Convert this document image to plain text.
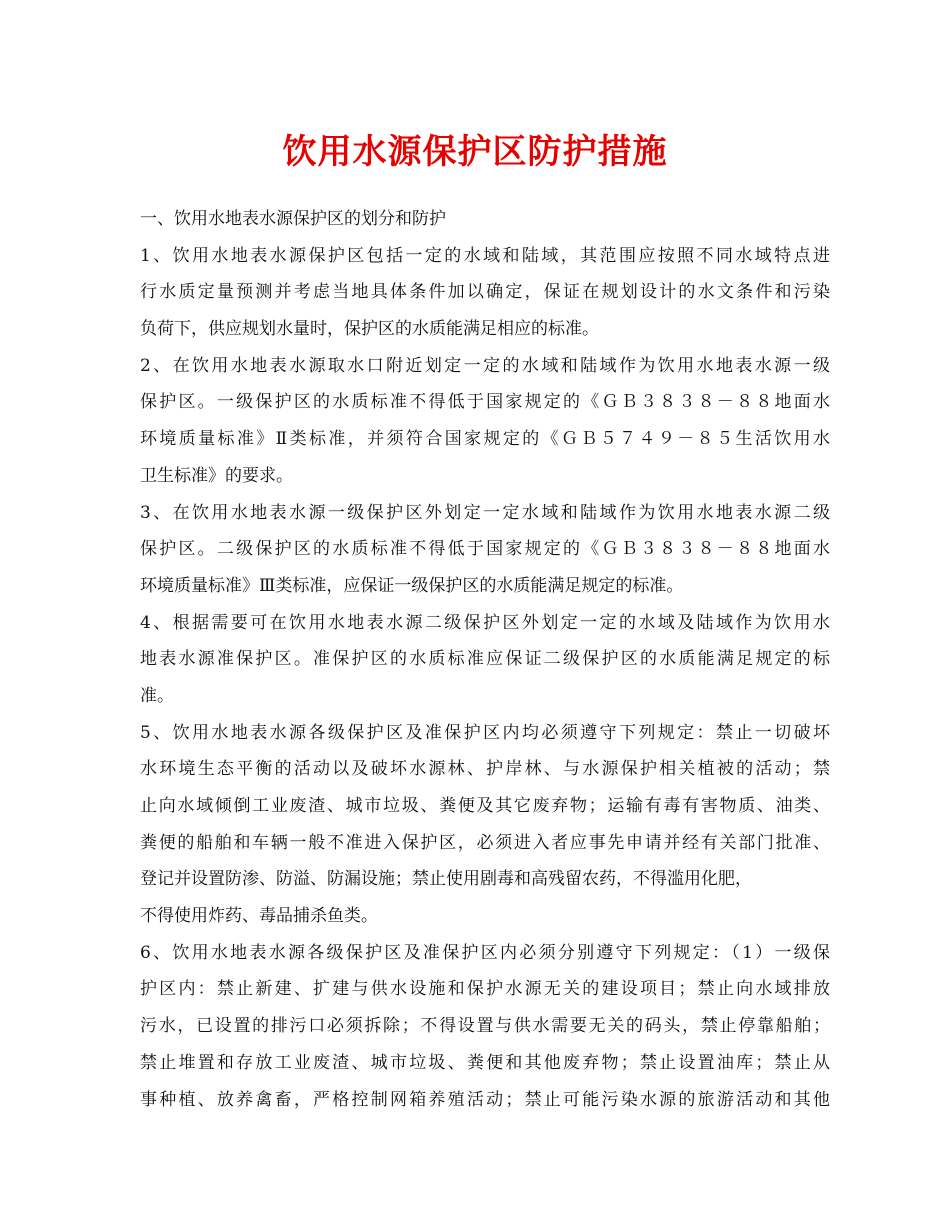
饮用水源保护区防护措施
一、饮用水地表水源保护区的划分和防护
1、饮用水地表水源保护区包括一定的水域和陆域，其范围应按照不同水域特点进
行水质定量预测并考虑当地具体条件加以确定，保证在规划设计的水文条件和污染
负荷下，供应规划水量时，保护区的水质能满足相应的标准。
2、在饮用水地表水源取水口附近划定一定的水域和陆域作为饮用水地表水源一级
保护区。一级保护区的水质标准不得低于国家规定的《ＧＢ３８３８－８８地面水
环境质量标准》Ⅱ类标准，并须符合国家规定的《ＧＢ５７４９－８５生活饮用水
卫生标准》的要求。
3、在饮用水地表水源一级保护区外划定一定水域和陆域作为饮用水地表水源二级
保护区。二级保护区的水质标准不得低于国家规定的《ＧＢ３８３８－８８地面水
环境质量标准》Ⅲ类标准，应保证一级保护区的水质能满足规定的标准。
4、根据需要可在饮用水地表水源二级保护区外划定一定的水域及陆域作为饮用水
地表水源准保护区。准保护区的水质标准应保证二级保护区的水质能满足规定的标
准。
5、饮用水地表水源各级保护区及准保护区内均必须遵守下列规定：禁止一切破坏
水环境生态平衡的活动以及破坏水源林、护岸林、与水源保护相关植被的活动；禁
止向水域倾倒工业废渣、城市垃圾、粪便及其它废弃物；运输有毒有害物质、油类、
粪便的船舶和车辆一般不准进入保护区，必须进入者应事先申请并经有关部门批准、
登记并设置防渗、防溢、防漏设施；禁止使用剧毒和高残留农药，不得滥用化肥，
不得使用炸药、毒品捕杀鱼类。
6、饮用水地表水源各级保护区及准保护区内必须分别遵守下列规定：（1）一级保
护区内：禁止新建、扩建与供水设施和保护水源无关的建设项目；禁止向水域排放
污水，已设置的排污口必须拆除；不得设置与供水需要无关的码头，禁止停靠船舶；
禁止堆置和存放工业废渣、城市垃圾、粪便和其他废弃物；禁止设置油库；禁止从
事种植、放养禽畜，严格控制网箱养殖活动；禁止可能污染水源的旅游活动和其他
